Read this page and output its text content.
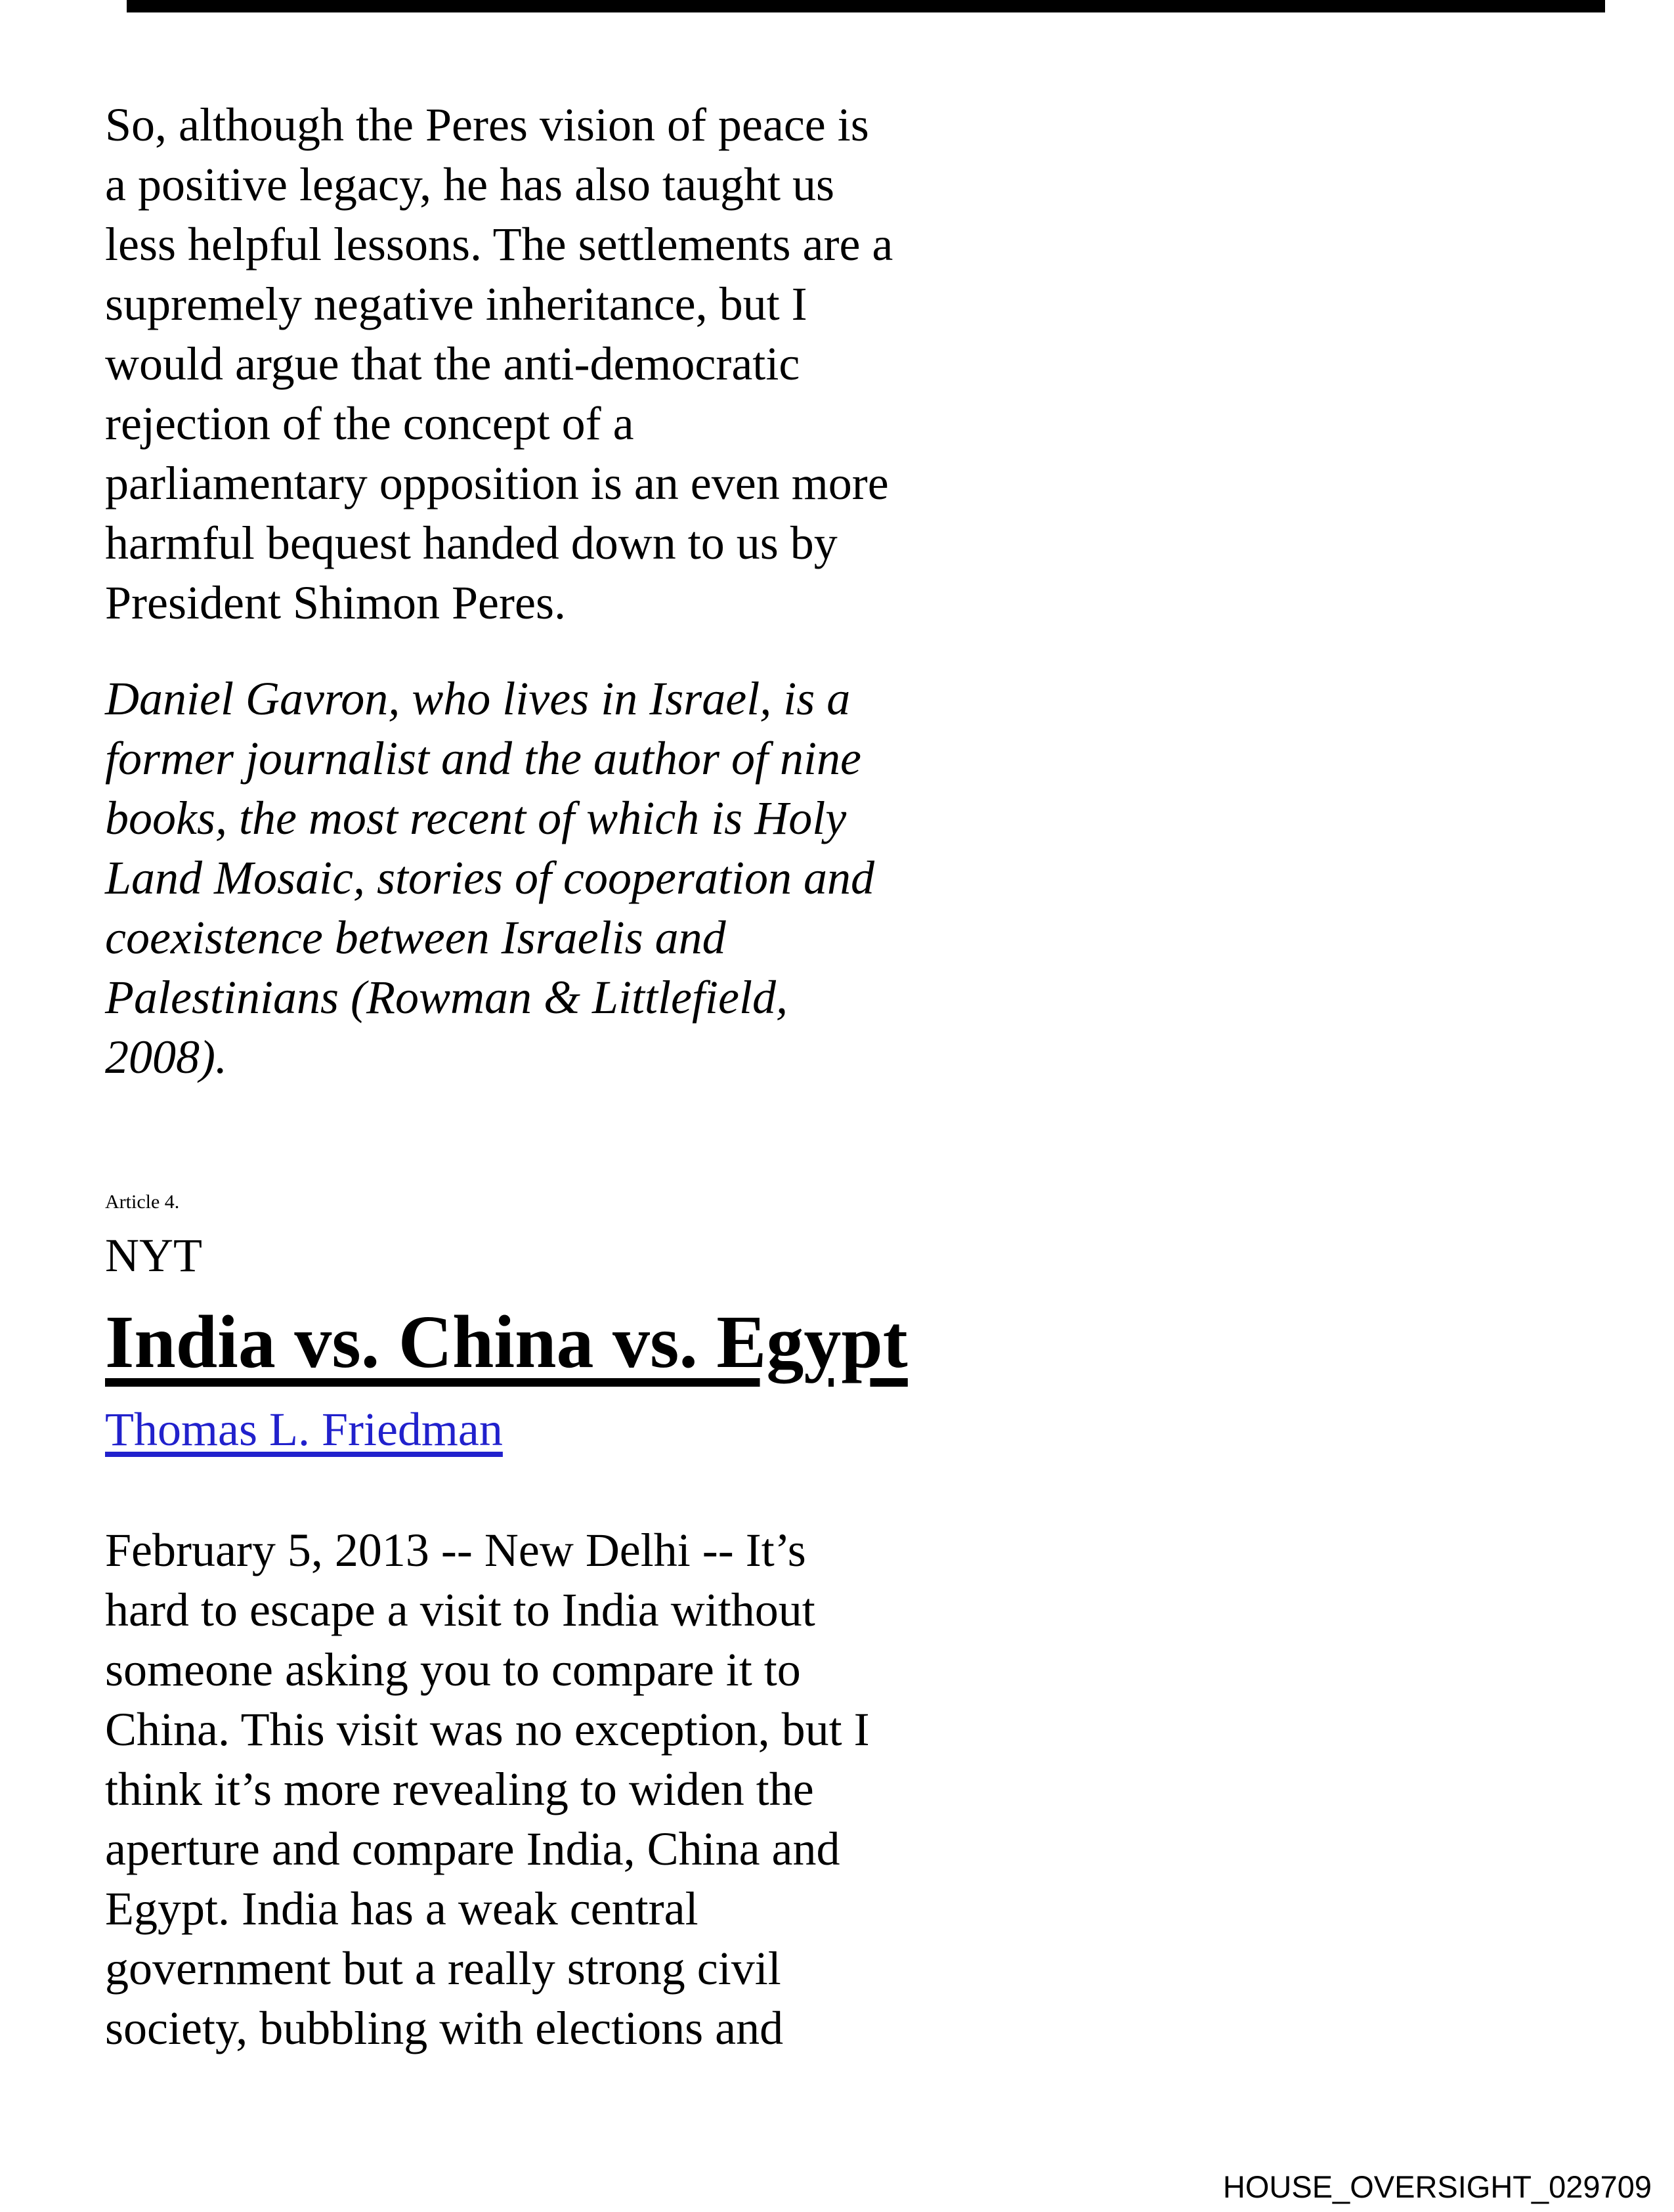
So, although the Peres vision of peace is
a positive legacy, he has also taught us
less helpful lessons. The settlements are a
supremely negative inheritance, but I
would argue that the anti-democratic
rejection of the concept of a
parliamentary opposition is an even more
harmful bequest handed down to us by
President Shimon Peres.

Daniel Gavron, who lives in Israel, is a
former journalist and the author of nine
books, the most recent of which is Holy
Land Mosaic, stories of cooperation and
coexistence between Israelis and
Palestinians (Rowman & Littlefield,
2008).

Article 4.

NYT

India vs. China vs. Egypt

Thomas L. Friedman

February 5, 2013 -- New Delhi -- It’s
hard to escape a visit to India without
someone asking you to compare it to
China. This visit was no exception, but I
think it’s more revealing to widen the
aperture and compare India, China and
Egypt. India has a weak central
government but a really strong civil
society, bubbling with elections and

HOUSE_OVERSIGHT_029709
